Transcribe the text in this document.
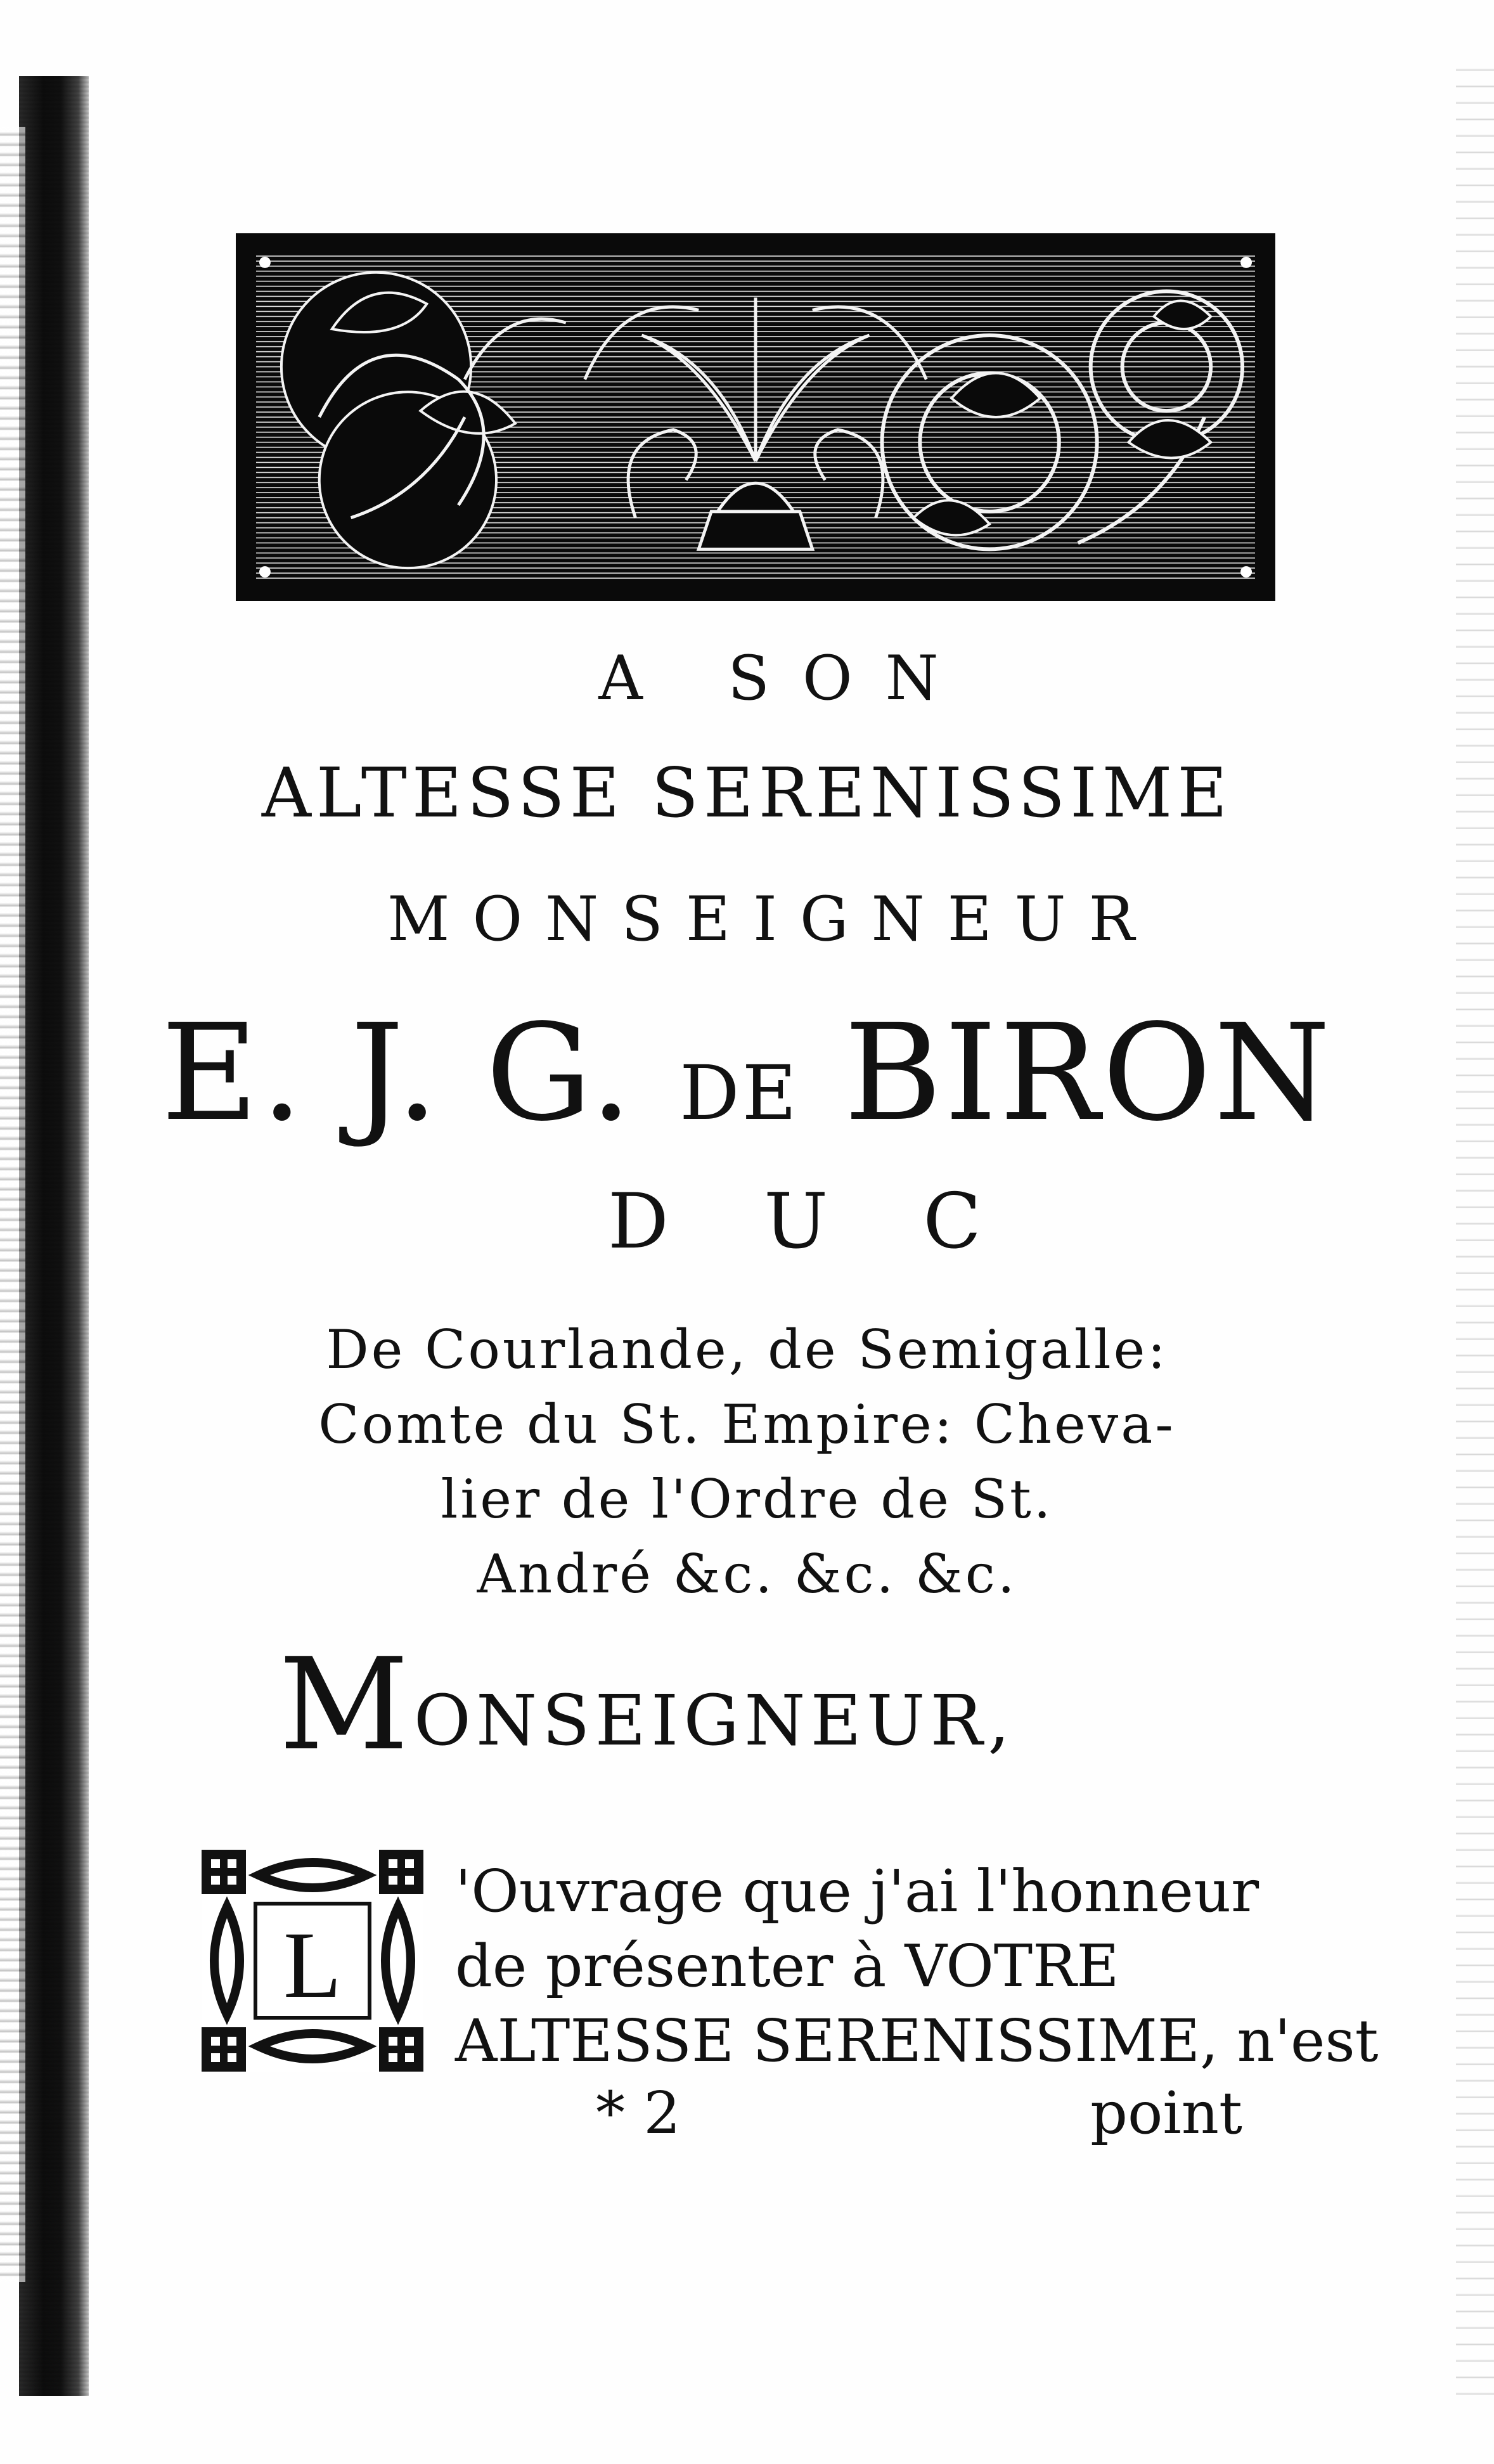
A SON
ALTESSE SERENISSIME
MONSEIGNEUR
E. J. G. DE BIRON
DUC
De Courlande, de Semigalle:
Comte du St. Empire: Cheva-
lier de l'Ordre de St.
André &c. &c. &c.
MONSEIGNEUR,
L
'Ouvrage que j'ai l'honneur
de présenter à VOTRE
ALTESSE SERENISSIME, n'est
* 2	point
